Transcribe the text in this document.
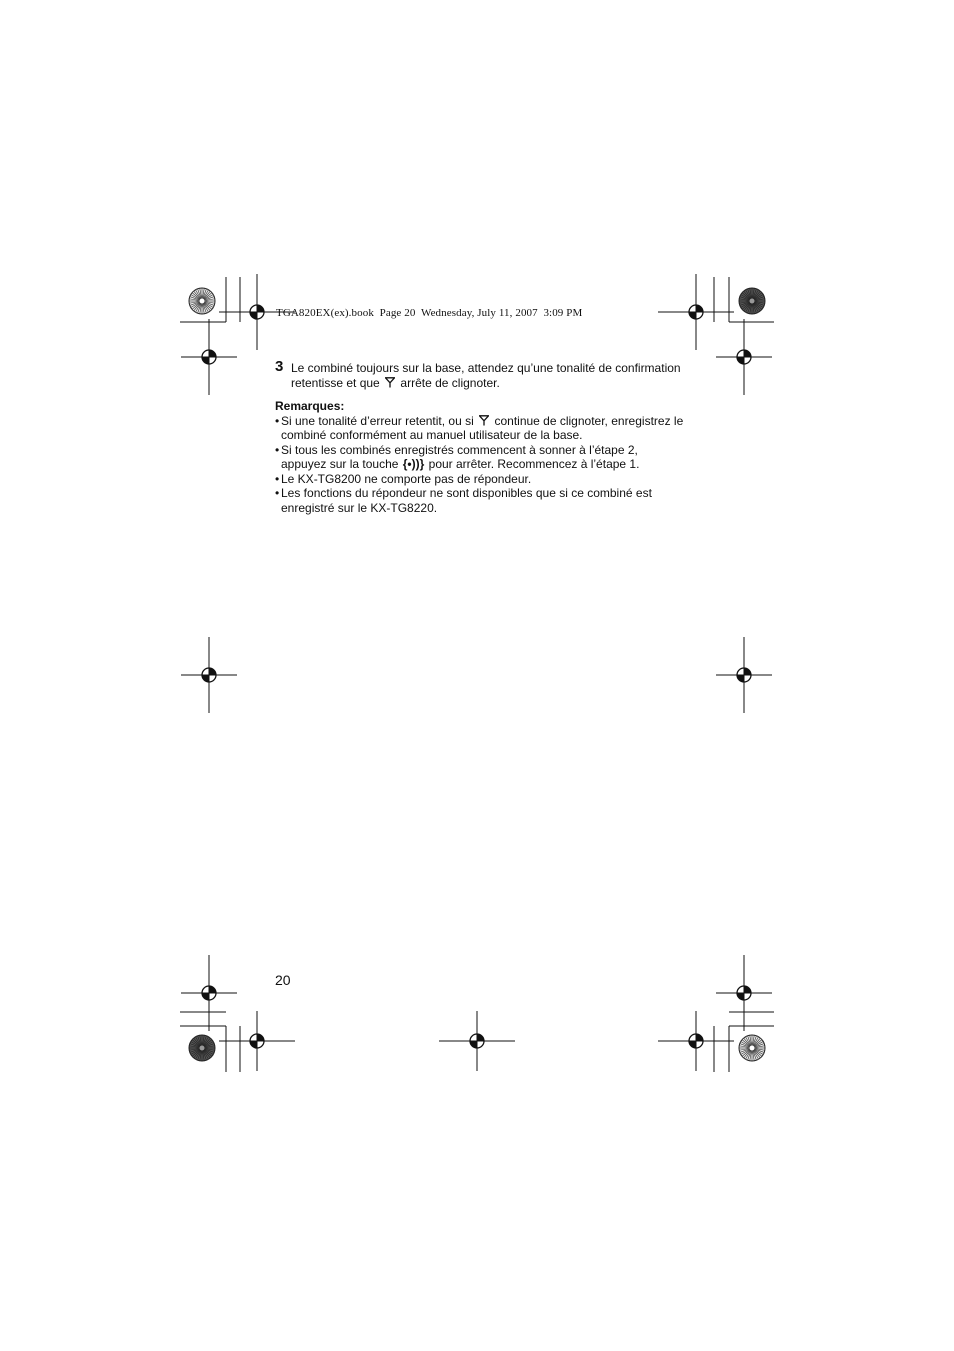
TGA820EX(ex).book  Page 20  Wednesday, July 11, 2007  3:09 PM
3 Le combiné toujours sur la base, attendez qu’une tonalité de confirmation retentisse et que arrête de clignoter.
Remarques:
• Si une tonalité d’erreur retentit, ou si continue de clignoter, enregistrez le combiné conformément au manuel utilisateur de la base.
• Si tous les combinés enregistrés commencent à sonner à l’étape 2, appuyez sur la touche {•))} pour arrêter. Recommencez à l’étape 1.
• Le KX-TG8200 ne comporte pas de répondeur.
• Les fonctions du répondeur ne sont disponibles que si ce combiné est enregistré sur le KX-TG8220.
20
